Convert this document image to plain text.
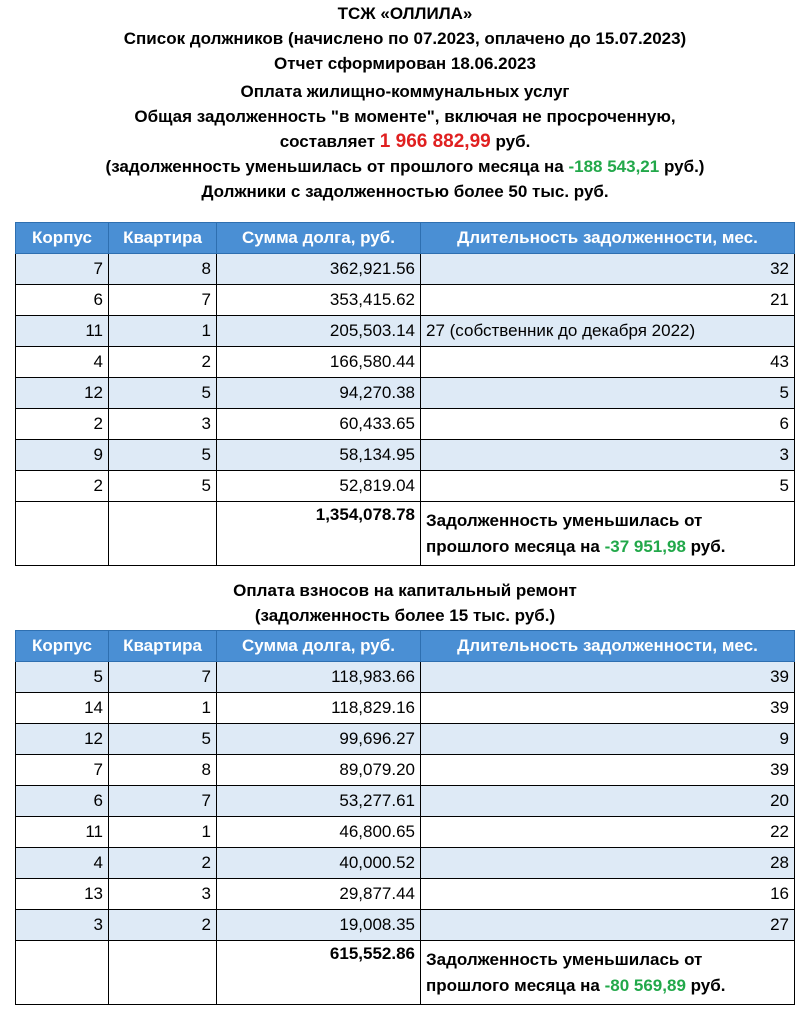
ТСЖ «ОЛЛИЛА»
Список должников (начислено по 07.2023, оплачено до 15.07.2023)
Отчет сформирован 18.06.2023
Оплата жилищно-коммунальных услуг
Общая задолженность "в моменте", включая не просроченную,
составляет 1 966 882,99 руб.
(задолженность уменьшилась от прошлого месяца на -188 543,21 руб.)
Должники с задолженностью более 50 тыс. руб.
Корпус	Квартира	Сумма долга, руб.	Длительность задолженности, мес.
7	8	362,921.56	32
6	7	353,415.62	21
11	1	205,503.14	27 (собственник до декабря 2022)
4	2	166,580.44	43
12	5	94,270.38	5
2	3	60,433.65	6
9	5	58,134.95	3
2	5	52,819.04	5
		1,354,078.78	Задолженность уменьшилась от
прошлого месяца на -37 951,98 руб.
Оплата взносов на капитальный ремонт
(задолженность более 15 тыс. руб.)
Корпус	Квартира	Сумма долга, руб.	Длительность задолженности, мес.
5	7	118,983.66	39
14	1	118,829.16	39
12	5	99,696.27	9
7	8	89,079.20	39
6	7	53,277.61	20
11	1	46,800.65	22
4	2	40,000.52	28
13	3	29,877.44	16
3	2	19,008.35	27
		615,552.86	Задолженность уменьшилась от
прошлого месяца на -80 569,89 руб.
